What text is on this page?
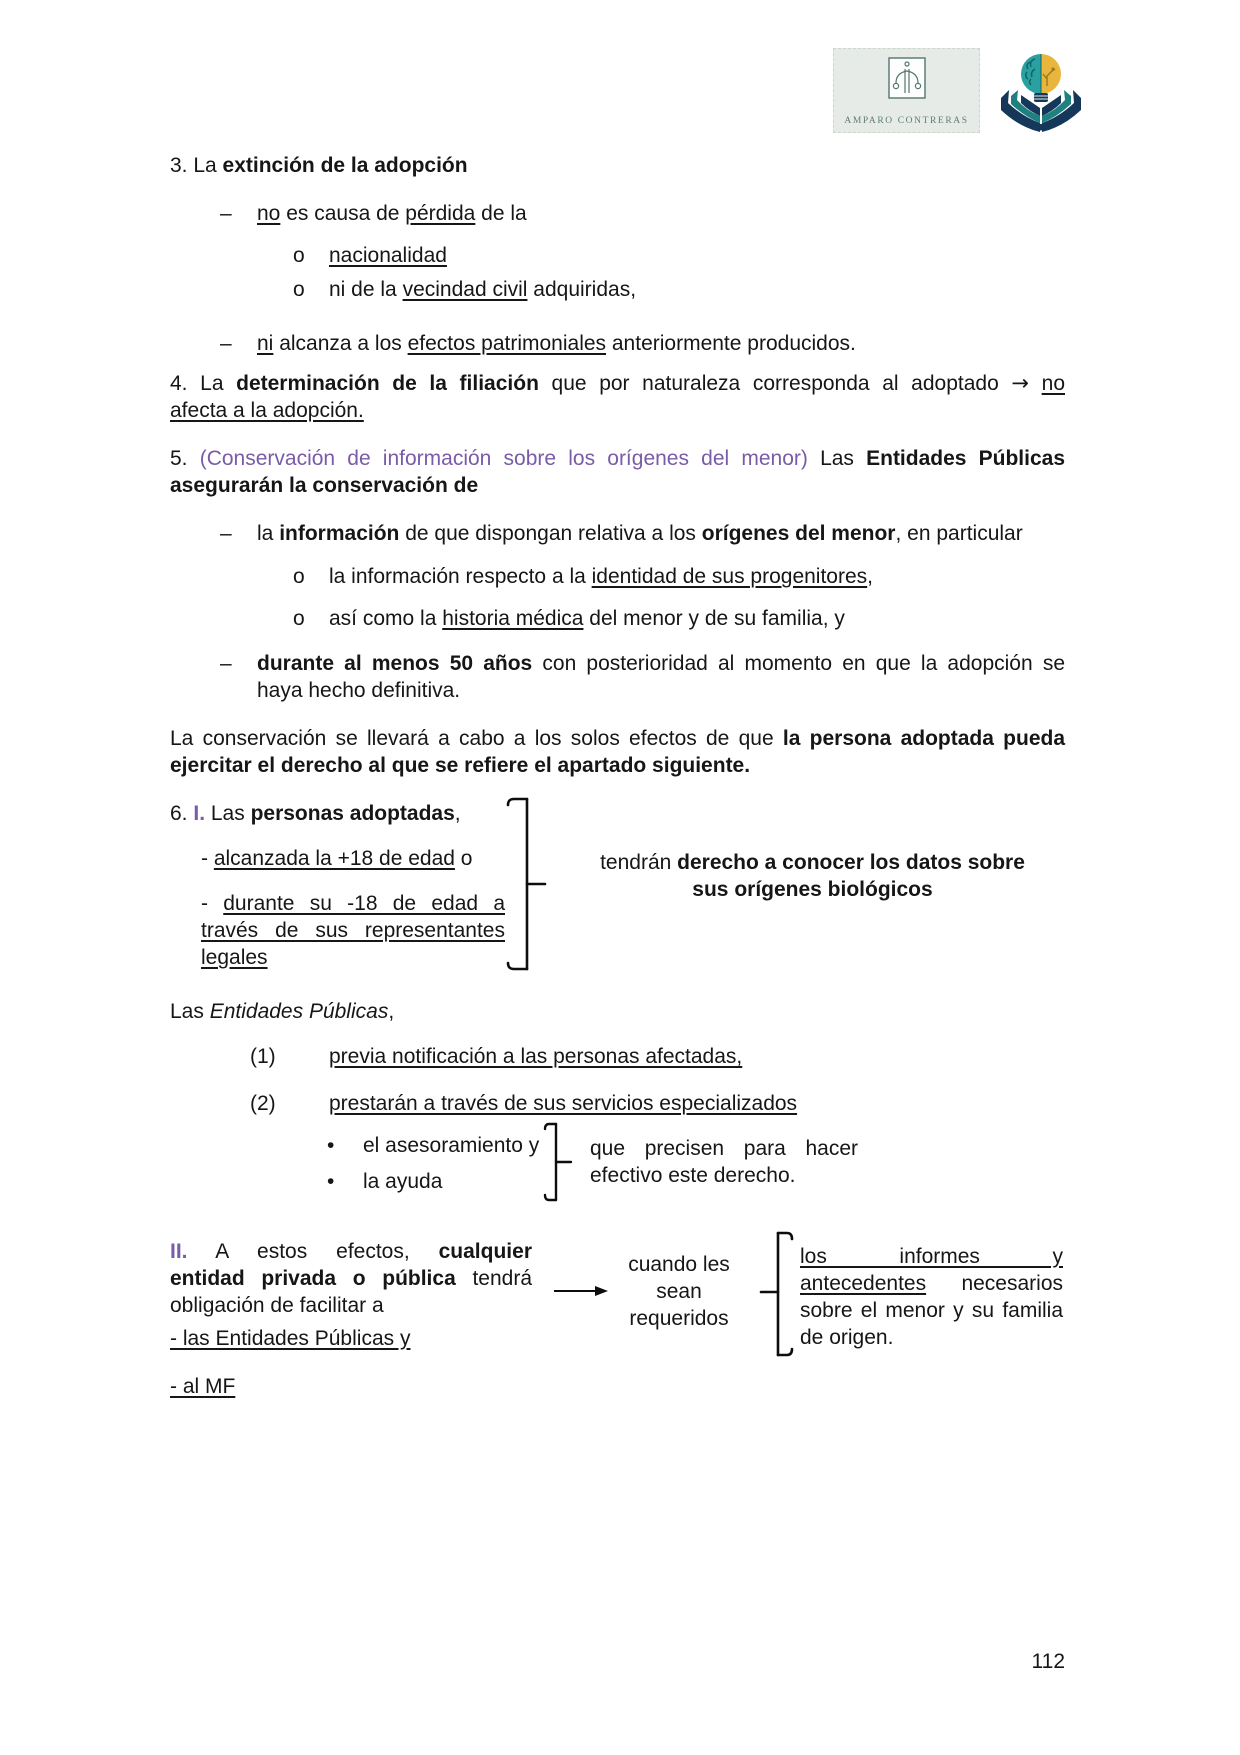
AMPARO CONTRERAS
3. La extinción de la adopción
– no es causa de pérdida de la
o nacionalidad
o ni de la vecindad civil adquiridas,
– ni alcanza a los efectos patrimoniales anteriormente producidos.
4. La determinación de la filiación que por naturaleza corresponda al adoptado → no
afecta a la adopción.
5. (Conservación de información sobre los orígenes del menor) Las Entidades Públicas
asegurarán la conservación de
– la información de que dispongan relativa a los orígenes del menor, en particular
o la información respecto a la identidad de sus progenitores,
o así como la historia médica del menor y de su familia, y
– durante al menos 50 años con posterioridad al momento en que la adopción se
haya hecho definitiva.
La conservación se llevará a cabo a los solos efectos de que la persona adoptada pueda
ejercitar el derecho al que se refiere el apartado siguiente.
6. I. Las personas adoptadas,
- alcanzada la +18 de edad o
- durante su -18 de edad a
través de sus representantes
legales
tendrán derecho a conocer los datos sobre
sus orígenes biológicos
Las Entidades Públicas,
(1)	previa notificación a las personas afectadas,
(2)	prestarán a través de sus servicios especializados
• el asesoramiento y
• la ayuda
que precisen para hacer
efectivo este derecho.
II. A estos efectos, cualquier
entidad privada o pública tendrá
obligación de facilitar a
- las Entidades Públicas y
- al MF
cuando les
sean
requeridos
los informes y
antecedentes necesarios
sobre el menor y su familia
de origen.
112
